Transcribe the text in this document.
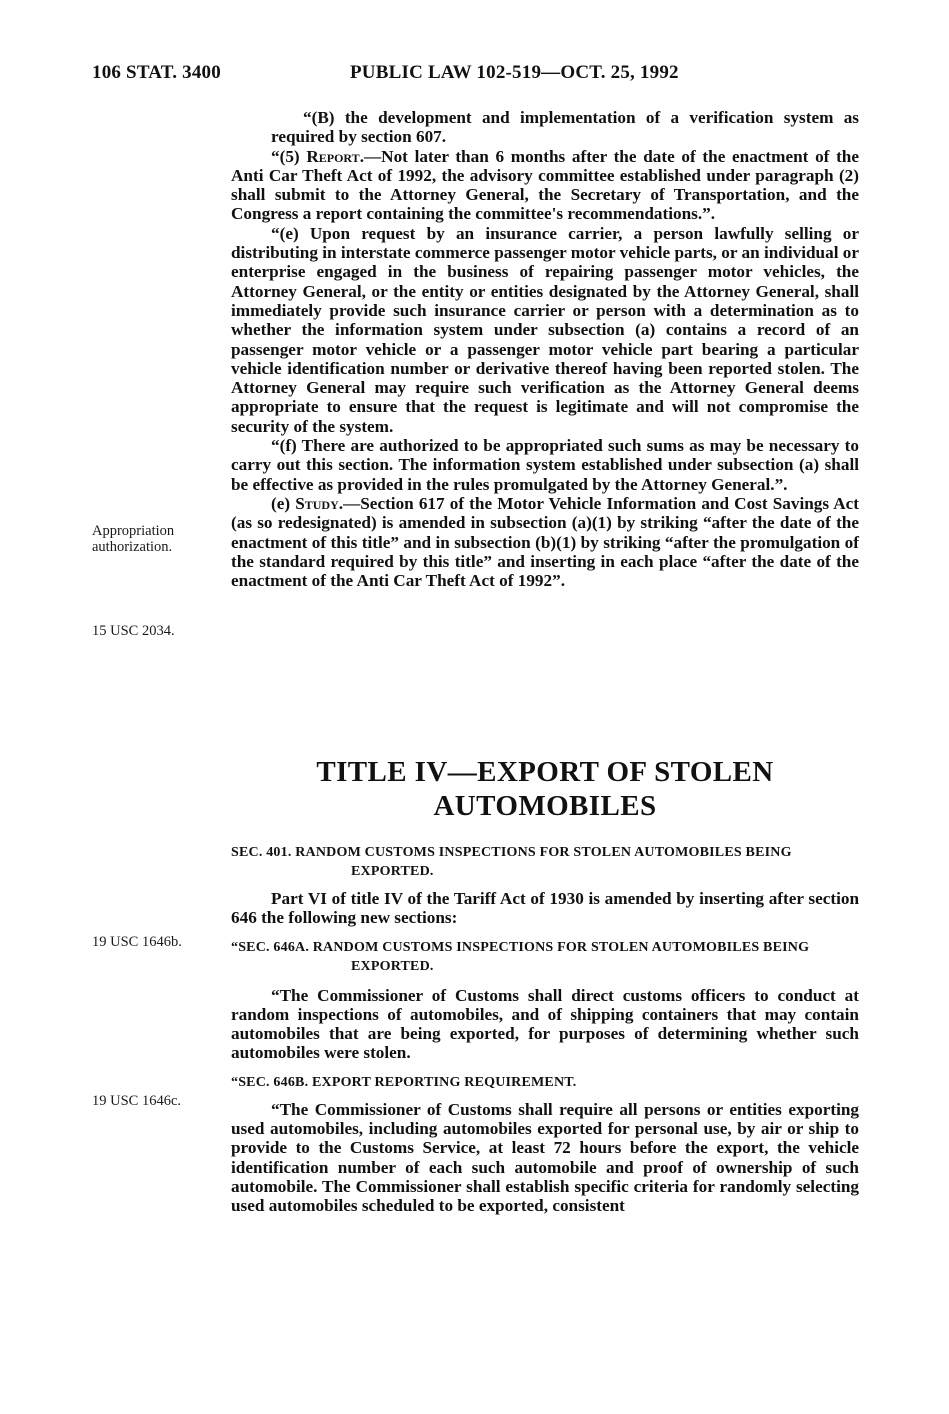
106 STAT. 3400	PUBLIC LAW 102-519—OCT. 25, 1992

“(B) the development and implementation of a verification system as required by section 607.

“(5) Report.—Not later than 6 months after the date of the enactment of the Anti Car Theft Act of 1992, the advisory committee established under paragraph (2) shall submit to the Attorney General, the Secretary of Transportation, and the Congress a report containing the committee's recommendations.”.

“(e) Upon request by an insurance carrier, a person lawfully selling or distributing in interstate commerce passenger motor vehicle parts, or an individual or enterprise engaged in the business of repairing passenger motor vehicles, the Attorney General, or the entity or entities designated by the Attorney General, shall immediately provide such insurance carrier or person with a determination as to whether the information system under subsection (a) contains a record of an passenger motor vehicle or a passenger motor vehicle part bearing a particular vehicle identification number or derivative thereof having been reported stolen. The Attorney General may require such verification as the Attorney General deems appropriate to ensure that the request is legitimate and will not compromise the security of the system.

“(f) There are authorized to be appropriated such sums as may be necessary to carry out this section. The information system established under subsection (a) shall be effective as provided in the rules promulgated by the Attorney General.”.

(e) Study.—Section 617 of the Motor Vehicle Information and Cost Savings Act (as so redesignated) is amended in subsection (a)(1) by striking “after the date of the enactment of this title” and in subsection (b)(1) by striking “after the promulgation of the standard required by this title” and inserting in each place “after the date of the enactment of the Anti Car Theft Act of 1992”.

Appropriation
authorization.
15 USC 2034.
19 USC 1646b.
19 USC 1646c.
TITLE IV—EXPORT OF STOLEN
AUTOMOBILES

SEC. 401. RANDOM CUSTOMS INSPECTIONS FOR STOLEN AUTOMOBILES BEING EXPORTED.

Part VI of title IV of the Tariff Act of 1930 is amended by inserting after section 646 the following new sections:

“SEC. 646A. RANDOM CUSTOMS INSPECTIONS FOR STOLEN AUTOMOBILES BEING EXPORTED.

“The Commissioner of Customs shall direct customs officers to conduct at random inspections of automobiles, and of shipping containers that may contain automobiles that are being exported, for purposes of determining whether such automobiles were stolen.

“SEC. 646B. EXPORT REPORTING REQUIREMENT.

“The Commissioner of Customs shall require all persons or entities exporting used automobiles, including automobiles exported for personal use, by air or ship to provide to the Customs Service, at least 72 hours before the export, the vehicle identification number of each such automobile and proof of ownership of such automobile. The Commissioner shall establish specific criteria for randomly selecting used automobiles scheduled to be exported, consistent
